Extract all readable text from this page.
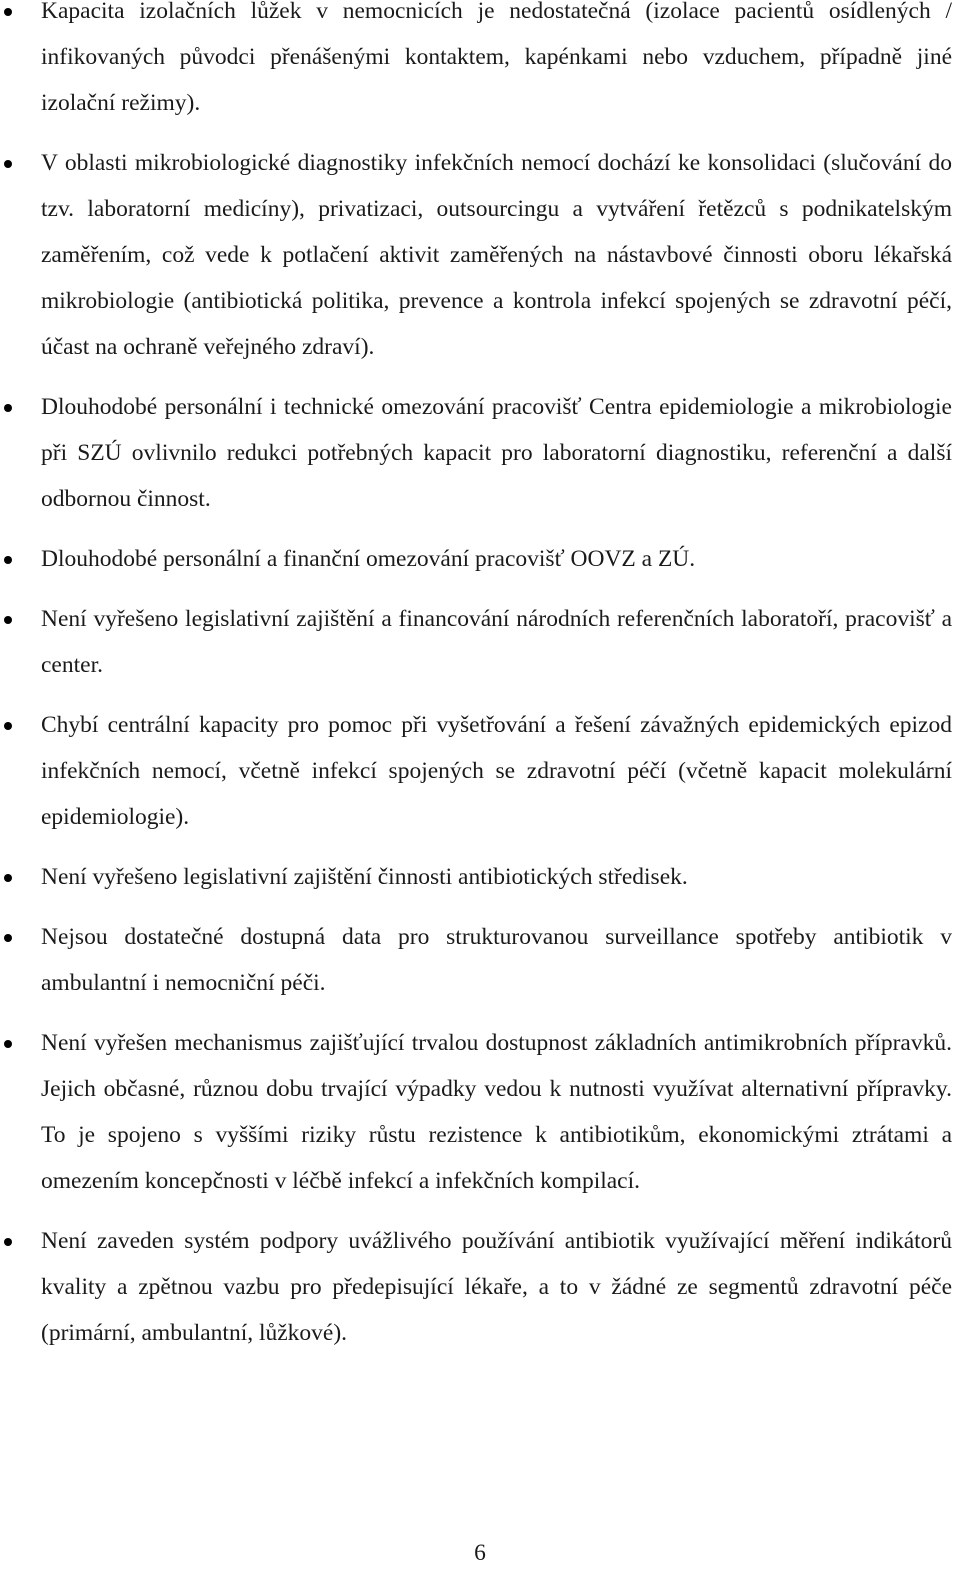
Kapacita izolačních lůžek v nemocnicích je nedostatečná (izolace pacientů osídlených / infikovaných původci přenášenými kontaktem, kapénkami nebo vzduchem, případně jiné izolační režimy).
V oblasti mikrobiologické diagnostiky infekčních nemocí dochází ke konsolidaci (slučování do tzv. laboratorní medicíny), privatizaci, outsourcingu a vytváření řetězců s podnikatelským zaměřením, což vede k potlačení aktivit zaměřených na nástavbové činnosti oboru lékařská mikrobiologie (antibiotická politika, prevence a kontrola infekcí spojených se zdravotní péčí, účast na ochraně veřejného zdraví).
Dlouhodobé personální i technické omezování pracovišť Centra epidemiologie a mikrobiologie při SZÚ ovlivnilo redukci potřebných kapacit pro laboratorní diagnostiku, referenční a další odbornou činnost.
Dlouhodobé personální a finanční omezování pracovišť OOVZ a ZÚ.
Není vyřešeno legislativní zajištění a financování národních referenčních laboratoří, pracovišť a center.
Chybí centrální kapacity pro pomoc při vyšetřování a řešení závažných epidemických epizod infekčních nemocí, včetně infekcí spojených se zdravotní péčí (včetně kapacit molekulární epidemiologie).
Není vyřešeno legislativní zajištění činnosti antibiotických středisek.
Nejsou dostatečné dostupná data pro strukturovanou surveillance spotřeby antibiotik v ambulantní i nemocniční péči.
Není vyřešen mechanismus zajišťující trvalou dostupnost základních antimikrobních přípravků. Jejich občasné, různou dobu trvající výpadky vedou k nutnosti využívat alternativní přípravky. To je spojeno s vyššími riziky růstu rezistence k antibiotikům, ekonomickými ztrátami a omezením koncepčnosti v léčbě infekcí a infekčních kompilací.
Není zaveden systém podpory uvážlivého používání antibiotik využívající měření indikátorů kvality a zpětnou vazbu pro předepisující lékaře, a to v žádné ze segmentů zdravotní péče (primární, ambulantní, lůžkové).
6
